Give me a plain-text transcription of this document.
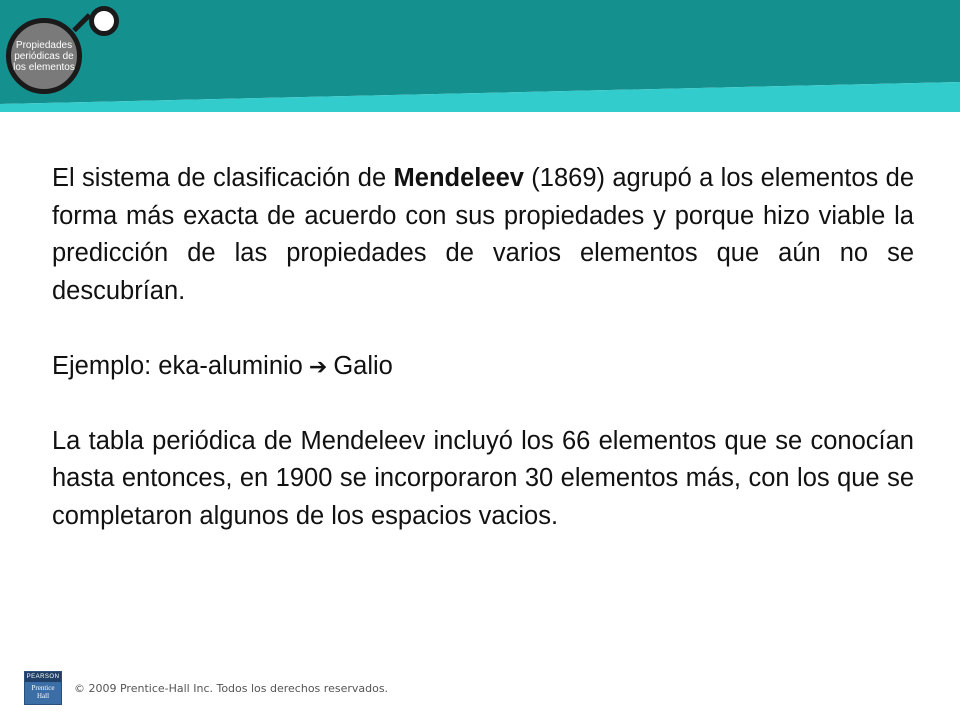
Propiedades periódicas de los elementos

El sistema de clasificación de Mendeleev (1869) agrupó a los elementos de forma más exacta de acuerdo con sus propiedades y porque hizo viable la predicción de las propiedades de varios elementos que aún no se descubrían.

Ejemplo: eka-aluminio ➔ Galio

La tabla periódica de Mendeleev incluyó los 66 elementos que se conocían hasta entonces, en 1900 se incorporaron 30 elementos más, con los que se completaron algunos de los espacios vacios.

PEARSON
Prentice Hall
© 2009 Prentice-Hall Inc. Todos los derechos reservados.
